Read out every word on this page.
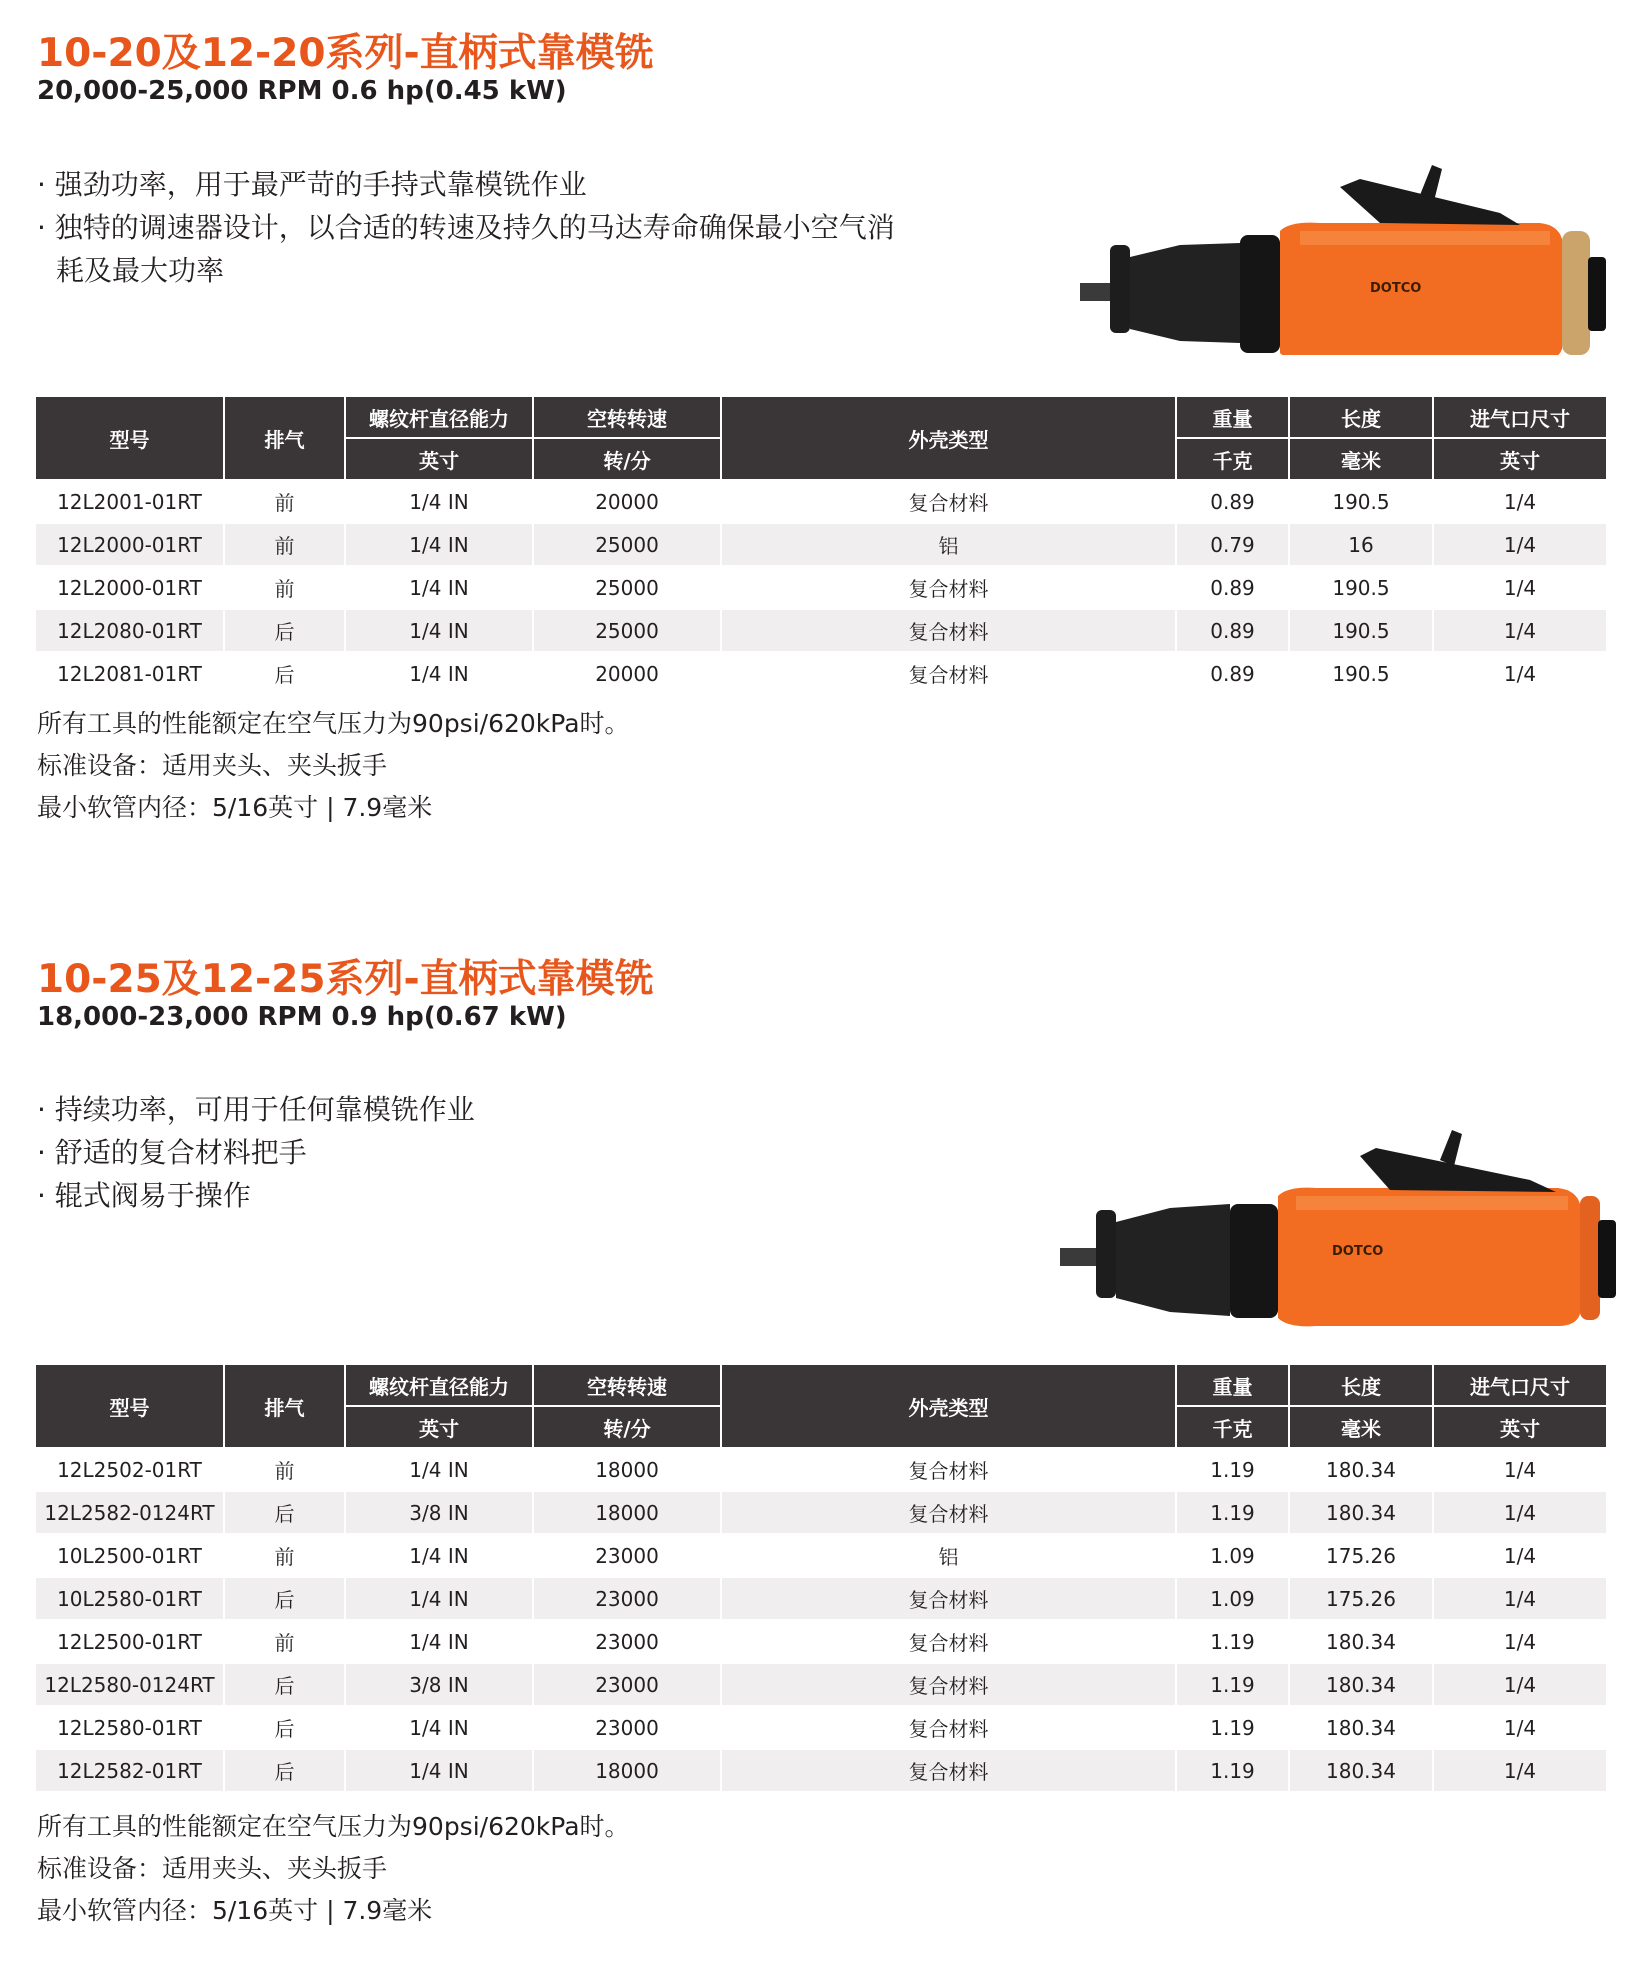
10-20及12-20系列-直柄式靠模铣
20,000-25,000 RPM 0.6 hp(0.45 kW)
· 强劲功率，用于最严苛的手持式靠模铣作业
· 独特的调速器设计，以合适的转速及持久的马达寿命确保最小空气消
耗及最大功率
DOTCO
型号	排气	螺纹杆直径能力	空转转速	外壳类型	重量	长度	进气口尺寸
		英寸	转/分		千克	毫米	英寸
12L2001-01RT	前	1/4 IN	20000	复合材料	0.89	190.5	1/4
12L2000-01RT	前	1/4 IN	25000	铝	0.79	16	1/4
12L2000-01RT	前	1/4 IN	25000	复合材料	0.89	190.5	1/4
12L2080-01RT	后	1/4 IN	25000	复合材料	0.89	190.5	1/4
12L2081-01RT	后	1/4 IN	20000	复合材料	0.89	190.5	1/4
所有工具的性能额定在空气压力为90psi/620kPa时。
标准设备：适用夹头、夹头扳手
最小软管内径：5/16英寸 | 7.9毫米
10-25及12-25系列-直柄式靠模铣
18,000-23,000 RPM 0.9 hp(0.67 kW)
· 持续功率，可用于任何靠模铣作业
· 舒适的复合材料把手
· 辊式阀易于操作
DOTCO
型号	排气	螺纹杆直径能力	空转转速	外壳类型	重量	长度	进气口尺寸
		英寸	转/分		千克	毫米	英寸
12L2502-01RT	前	1/4 IN	18000	复合材料	1.19	180.34	1/4
12L2582-0124RT	后	3/8 IN	18000	复合材料	1.19	180.34	1/4
10L2500-01RT	前	1/4 IN	23000	铝	1.09	175.26	1/4
10L2580-01RT	后	1/4 IN	23000	复合材料	1.09	175.26	1/4
12L2500-01RT	前	1/4 IN	23000	复合材料	1.19	180.34	1/4
12L2580-0124RT	后	3/8 IN	23000	复合材料	1.19	180.34	1/4
12L2580-01RT	后	1/4 IN	23000	复合材料	1.19	180.34	1/4
12L2582-01RT	后	1/4 IN	18000	复合材料	1.19	180.34	1/4
所有工具的性能额定在空气压力为90psi/620kPa时。
标准设备：适用夹头、夹头扳手
最小软管内径：5/16英寸 | 7.9毫米
